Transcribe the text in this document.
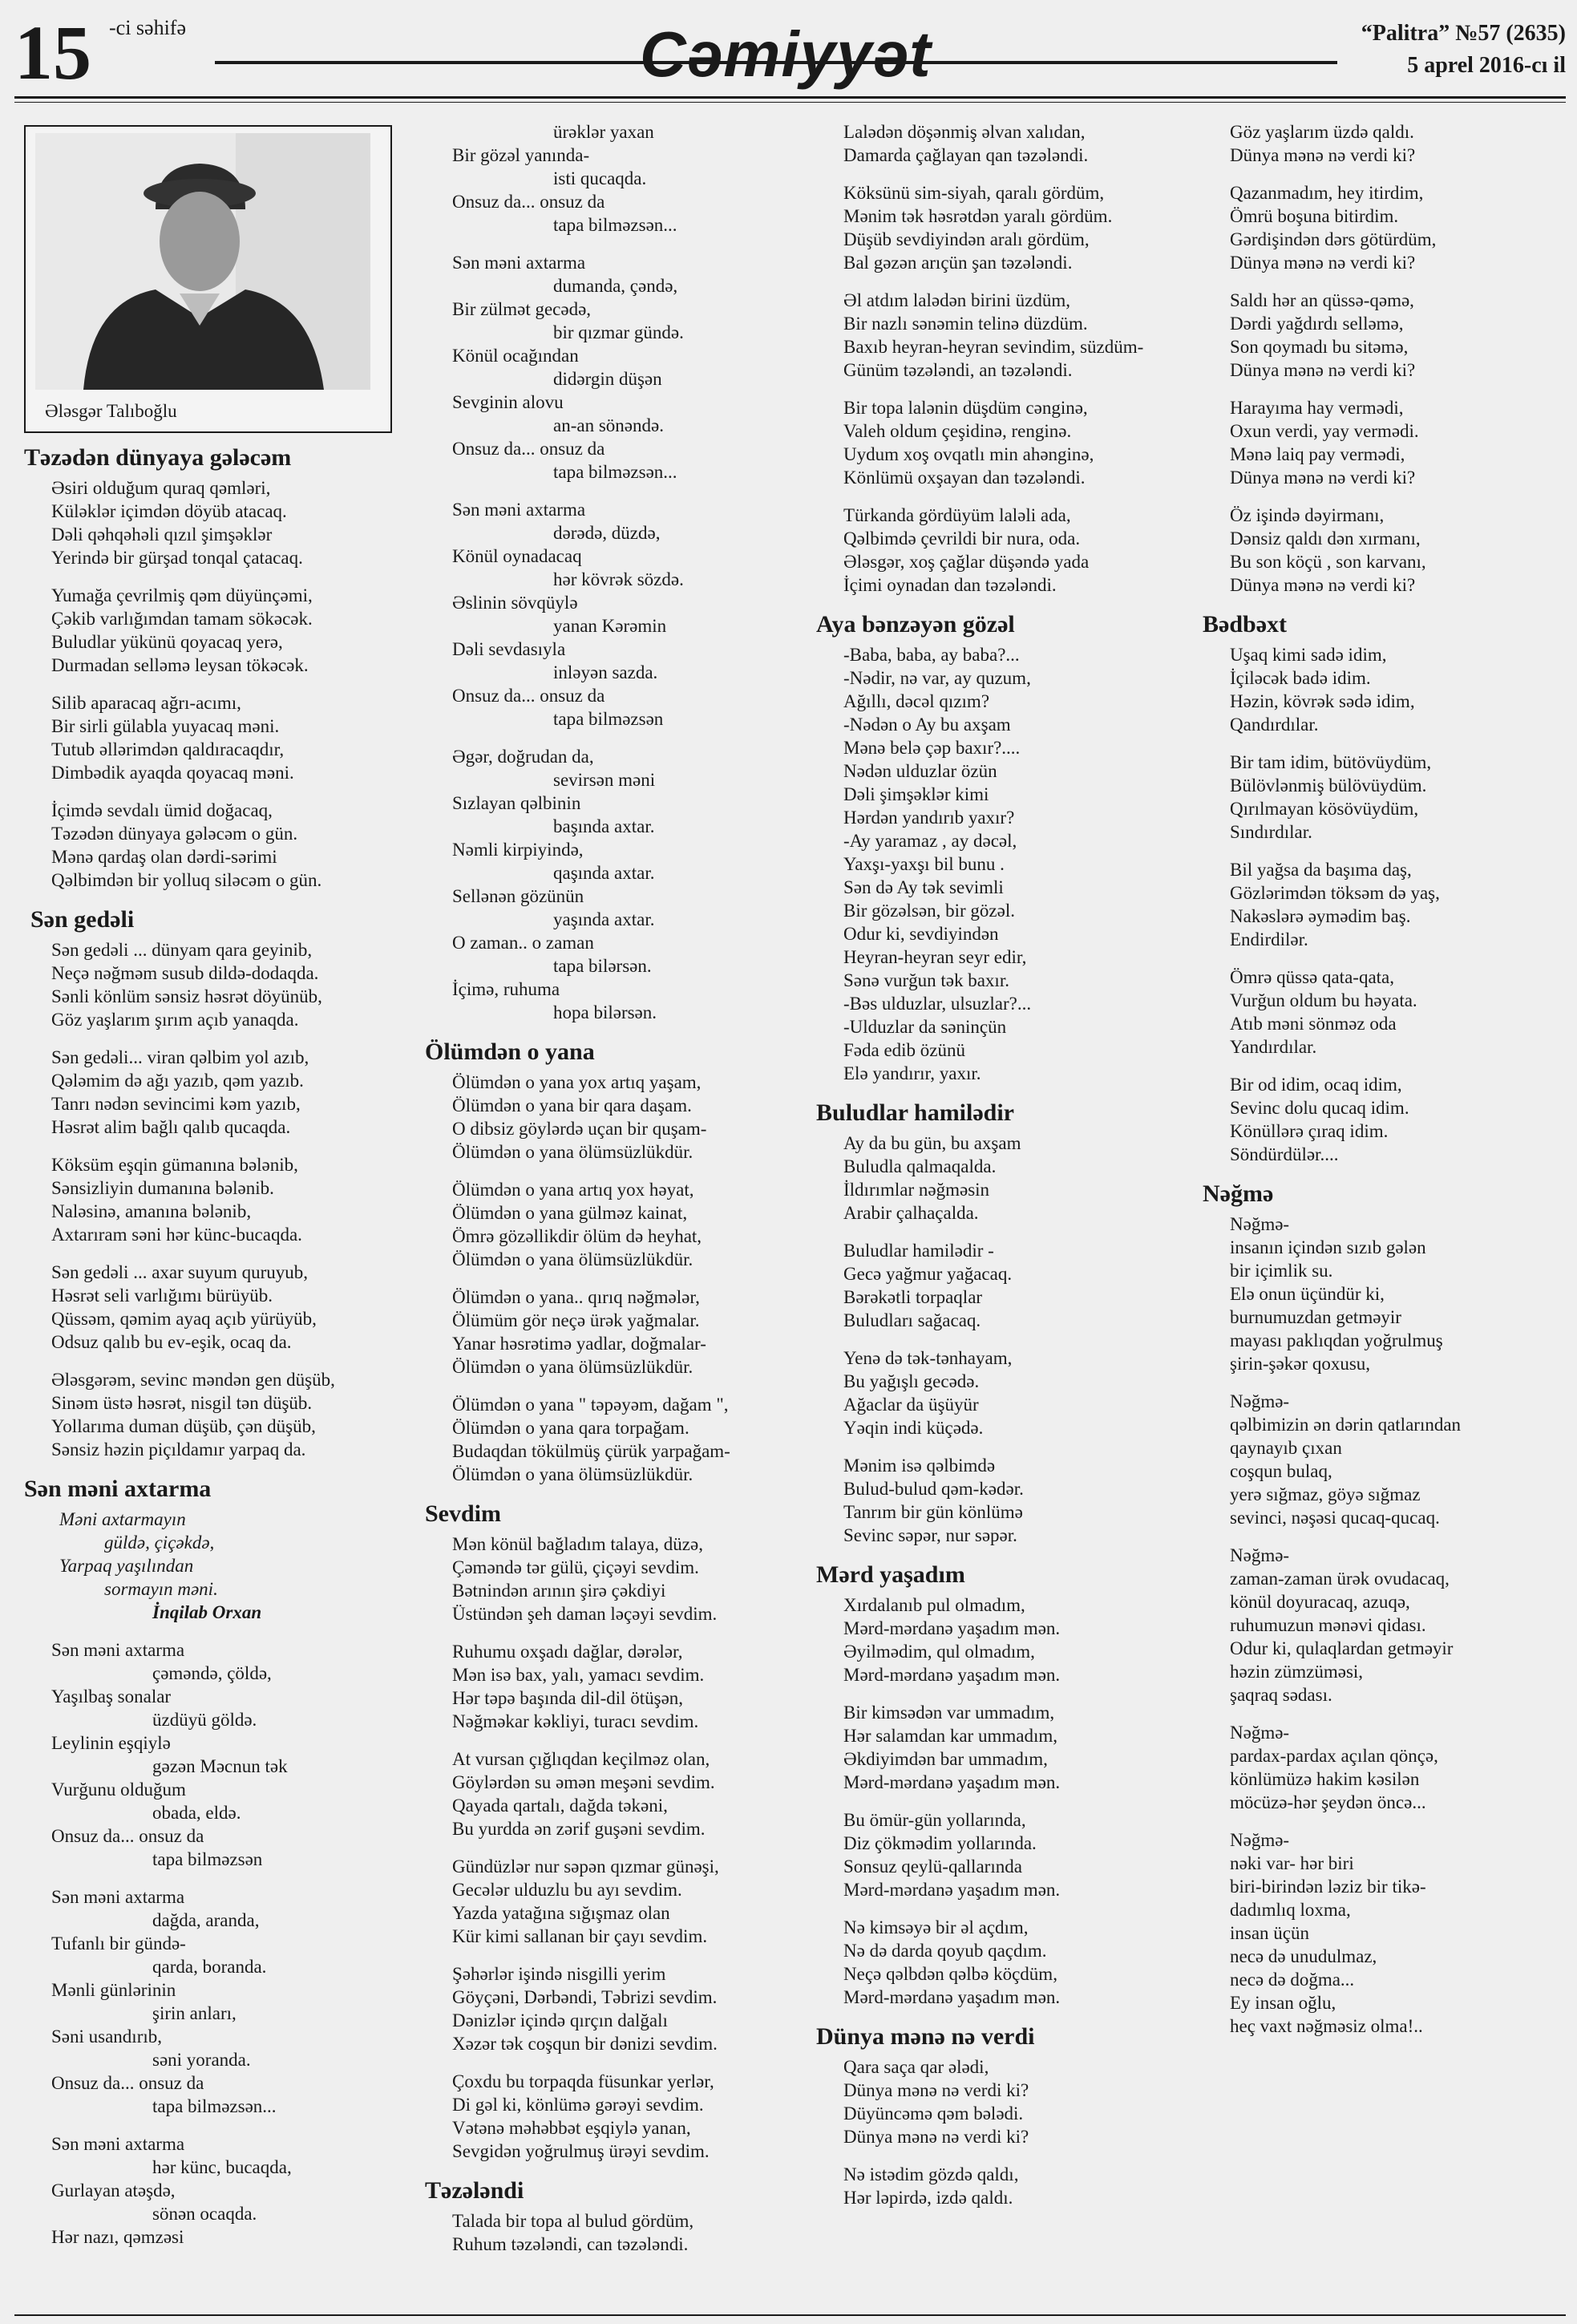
15 -ci səhifə	Cəmiyyət	“Palitra” №57 (2635)
5 aprel 2016-cı il
Ələsgər Talıboğlu
Təzədən dünyaya gələcəm
Əsiri olduğum quraq qəmləri,
Küləklər içimdən döyüb atacaq.
Dəli qəhqəhəli qızıl şimşəklər
Yerində bir gürşad tonqal çatacaq.
Yumağa çevrilmiş qəm düyünçəmi,
Çəkib varlığımdan tamam sökəcək.
Buludlar yükünü qoyacaq yerə,
Durmadan selləmə leysan tökəcək.
Silib aparacaq ağrı-acımı,
Bir sirli gülabla yuyacaq məni.
Tutub əllərimdən qaldıracaqdır,
Dimbədik ayaqda qoyacaq məni.
İçimdə sevdalı ümid doğacaq,
Təzədən dünyaya gələcəm o gün.
Mənə qardaş olan dərdi-sərimi
Qəlbimdən bir yolluq siləcəm o gün.
Sən gedəli
Sən gedəli ... dünyam qara geyinib,
Neçə nəğməm susub dildə-dodaqda.
Sənli könlüm sənsiz həsrət döyünüb,
Göz yaşlarım şırım açıb yanaqda.
Sən gedəli... viran qəlbim yol azıb,
Qələmim də ağı yazıb, qəm yazıb.
Tanrı nədən sevincimi kəm yazıb,
Həsrət alim bağlı qalıb qucaqda.
Köksüm eşqin gümanına bələnib,
Sənsizliyin dumanına bələnib.
Naləsinə, amanına bələnib,
Axtarıram səni hər künc-bucaqda.
Sən gedəli ... axar suyum quruyub,
Həsrət seli varlığımı bürüyüb.
Qüssəm, qəmim ayaq açıb yürüyüb,
Odsuz qalıb bu ev-eşik, ocaq da.
Ələsgərəm, sevinc məndən gen düşüb,
Sinəm üstə həsrət, nisgil tən düşüb.
Yollarıma duman düşüb, çən düşüb,
Sənsiz həzin piçıldamır yarpaq da.
Sən məni axtarma
Məni axtarmayın
güldə, çiçəkdə,
Yarpaq yaşılından
sormayın məni.
İnqilab Orxan
Sən məni axtarma
çəməndə, çöldə,
Yaşılbaş sonalar
üzdüyü göldə.
Leylinin eşqiylə
gəzən Məcnun tək
Vurğunu olduğum
obada, eldə.
Onsuz da... onsuz da
tapa bilməzsən
Sən məni axtarma
dağda, aranda,
Tufanlı bir gündə-
qarda, boranda.
Mənli günlərinin
şirin anları,
Səni usandırıb,
səni yoranda.
Onsuz da... onsuz da
tapa bilməzsən...
Sən məni axtarma
hər künc, bucaqda,
Gurlayan atəşdə,
sönən ocaqda.
Hər nazı, qəmzəsi
ürəklər yaxan
Bir gözəl yanında-
isti qucaqda.
Onsuz da... onsuz da
tapa bilməzsən...
Sən məni axtarma
dumanda, çəndə,
Bir zülmət gecədə,
bir qızmar gündə.
Könül ocağından
didərgin düşən
Sevginin alovu
an-an sönəndə.
Onsuz da... onsuz da
tapa bilməzsən...
Sən məni axtarma
dərədə, düzdə,
Könül oynadacaq
hər kövrək sözdə.
Əslinin sövqüylə
yanan Kərəmin
Dəli sevdasıyla
inləyən sazda.
Onsuz da... onsuz da
tapa bilməzsən
Əgər, doğrudan da,
sevirsən məni
Sızlayan qəlbinin
başında axtar.
Nəmli kirpiyində,
qaşında axtar.
Sellənən gözünün
yaşında axtar.
O zaman.. o zaman
tapa bilərsən.
İçimə, ruhuma
hopa bilərsən.
Ölümdən o yana
Ölümdən o yana yox artıq yaşam,
Ölümdən o yana bir qara daşam.
O dibsiz göylərdə uçan bir quşam-
Ölümdən o yana ölümsüzlükdür.
Ölümdən o yana artıq yox həyat,
Ölümdən o yana gülməz kainat,
Ömrə gözəllikdir ölüm də heyhat,
Ölümdən o yana ölümsüzlükdür.
Ölümdən o yana.. qırıq nəğmələr,
Ölümüm gör neçə ürək yağmalar.
Yanar həsrətimə yadlar, doğmalar-
Ölümdən o yana ölümsüzlükdür.
Ölümdən o yana " təpəyəm, dağam ",
Ölümdən o yana qara torpağam.
Budaqdan tökülmüş çürük yarpağam-
Ölümdən o yana ölümsüzlükdür.
Sevdim
Mən könül bağladım talaya, düzə,
Çəməndə tər gülü, çiçəyi sevdim.
Bətnindən arının şirə çəkdiyi
Üstündən şeh daman ləçəyi sevdim.
Ruhumu oxşadı dağlar, dərələr,
Mən isə bax, yalı, yamacı sevdim.
Hər təpə başında dil-dil ötüşən,
Nəğməkar kəkliyi, turacı sevdim.
At vursan çığlıqdan keçilməz olan,
Göylərdən su əmən meşəni sevdim.
Qayada qartalı, dağda təkəni,
Bu yurdda ən zərif guşəni sevdim.
Gündüzlər nur səpən qızmar günəşi,
Gecələr ulduzlu bu ayı sevdim.
Yazda yatağına sığışmaz olan
Kür kimi sallanan bir çayı sevdim.
Şəhərlər işində nisgilli yerim
Göyçəni, Dərbəndi, Təbrizi sevdim.
Dənizlər içində qırçın dalğalı
Xəzər tək coşqun bir dənizi sevdim.
Çoxdu bu torpaqda füsunkar yerlər,
Di gəl ki, könlümə gərəyi sevdim.
Vətənə məhəbbət eşqiylə yanan,
Sevgidən yoğrulmuş ürəyi sevdim.
Təzələndi
Talada bir topa al bulud gördüm,
Ruhum təzələndi, can təzələndi.
Lalədən döşənmiş əlvan xalıdan,
Damarda çağlayan qan təzələndi.
Köksünü sim-siyah, qaralı gördüm,
Mənim tək həsrətdən yaralı gördüm.
Düşüb sevdiyindən aralı gördüm,
Bal gəzən arıçün şan təzələndi.
Əl atdım lalədən birini üzdüm,
Bir nazlı sənəmin telinə düzdüm.
Baxıb heyran-heyran sevindim, süzdüm-
Günüm təzələndi, an təzələndi.
Bir topa lalənin düşdüm cənginə,
Valeh oldum çeşidinə, renginə.
Uydum xoş ovqatlı min ahənginə,
Könlümü oxşayan dan təzələndi.
Türkanda gördüyüm laləli ada,
Qəlbimdə çevrildi bir nura, oda.
Ələsgər, xoş çağlar düşəndə yada
İçimi oynadan dan təzələndi.
Aya bənzəyən gözəl
-Baba, baba, ay baba?...
-Nədir, nə var, ay quzum,
Ağıllı, dəcəl qızım?
-Nədən o Ay bu axşam
Mənə belə çəp baxır?....
Nədən ulduzlar özün
Dəli şimşəklər kimi
Hərdən yandırıb yaxır?
-Ay yaramaz , ay dəcəl,
Yaxşı-yaxşı bil bunu .
Sən də Ay tək sevimli
Bir gözəlsən, bir gözəl.
Odur ki, sevdiyindən
Heyran-heyran seyr edir,
Sənə vurğun tək baxır.
-Bəs ulduzlar, ulsuzlar?...
-Ulduzlar da səninçün
Fəda edib özünü
Elə yandırır, yaxır.
Buludlar hamilədir
Ay da bu gün, bu axşam
Buludla qalmaqalda.
İldırımlar nəğməsin
Arabir çalhaçalda.
Buludlar hamilədir -
Gecə yağmur yağacaq.
Bərəkətli torpaqlar
Buludları sağacaq.
Yenə də tək-tənhayam,
Bu yağışlı gecədə.
Ağaclar da üşüyür
Yəqin indi küçədə.
Mənim isə qəlbimdə
Bulud-bulud qəm-kədər.
Tanrım bir gün könlümə
Sevinc səpər, nur səpər.
Mərd yaşadım
Xırdalanıb pul olmadım,
Mərd-mərdanə yaşadım mən.
Əyilmədim, qul olmadım,
Mərd-mərdanə yaşadım mən.
Bir kimsədən var ummadım,
Hər salamdan kar ummadım,
Əkdiyimdən bar ummadım,
Mərd-mərdanə yaşadım mən.
Bu ömür-gün yollarında,
Diz çökmədim yollarında.
Sonsuz qeylü-qallarında
Mərd-mərdanə yaşadım mən.
Nə kimsəyə bir əl açdım,
Nə də darda qoyub qaçdım.
Neçə qəlbdən qəlbə köçdüm,
Mərd-mərdanə yaşadım mən.
Dünya mənə nə verdi
Qara saça qar ələdi,
Dünya mənə nə verdi ki?
Düyüncəmə qəm bələdi.
Dünya mənə nə verdi ki?
Nə istədim gözdə qaldı,
Hər ləpirdə, izdə qaldı.
Göz yaşlarım üzdə qaldı.
Dünya mənə nə verdi ki?
Qazanmadım, hey itirdim,
Ömrü boşuna bitirdim.
Gərdişindən dərs götürdüm,
Dünya mənə nə verdi ki?
Saldı hər an qüssə-qəmə,
Dərdi yağdırdı selləmə,
Son qoymadı bu sitəmə,
Dünya mənə nə verdi ki?
Harayıma hay vermədi,
Oxun verdi, yay vermədi.
Mənə laiq pay vermədi,
Dünya mənə nə verdi ki?
Öz işində dəyirmanı,
Dənsiz qaldı dən xırmanı,
Bu son köçü , son karvanı,
Dünya mənə nə verdi ki?
Bədbəxt
Uşaq kimi sadə idim,
İçiləcək badə idim.
Həzin, kövrək sədə idim,
Qandırdılar.
Bir tam idim, bütövüydüm,
Bülövlənmiş bülövüydüm.
Qırılmayan kösövüydüm,
Sındırdılar.
Bil yağsa da başıma daş,
Gözlərimdən töksəm də yaş,
Nakəslərə əymədim baş.
Endirdilər.
Ömrə qüssə qata-qata,
Vurğun oldum bu həyata.
Atıb məni sönməz oda
Yandırdılar.
Bir od idim, ocaq idim,
Sevinc dolu qucaq idim.
Könüllərə çıraq idim.
Söndürdülər....
Nəğmə
Nəğmə-
insanın içindən sızıb gələn
bir içimlik su.
Elə onun üçündür ki,
burnumuzdan getməyir
mayası paklıqdan yoğrulmuş
şirin-şəkər qoxusu,
Nəğmə-
qəlbimizin ən dərin qatlarından
qaynayıb çıxan
coşqun bulaq,
yerə sığmaz, göyə sığmaz
sevinci, nəşəsi qucaq-qucaq.
Nəğmə-
zaman-zaman ürək ovudacaq,
könül doyuracaq, azuqə,
ruhumuzun mənəvi qidası.
Odur ki, qulaqlardan getməyir
həzin zümzüməsi,
şaqraq sədası.
Nəğmə-
pardax-pardax açılan qönçə,
könlümüzə hakim kəsilən
möcüzə-hər şeydən öncə...
Nəğmə-
nəki var- hər biri
biri-birindən ləziz bir tikə-
dadımlıq loxma,
insan üçün
necə də unudulmaz,
necə də doğma...
Ey insan oğlu,
heç vaxt nəğməsiz olma!..
